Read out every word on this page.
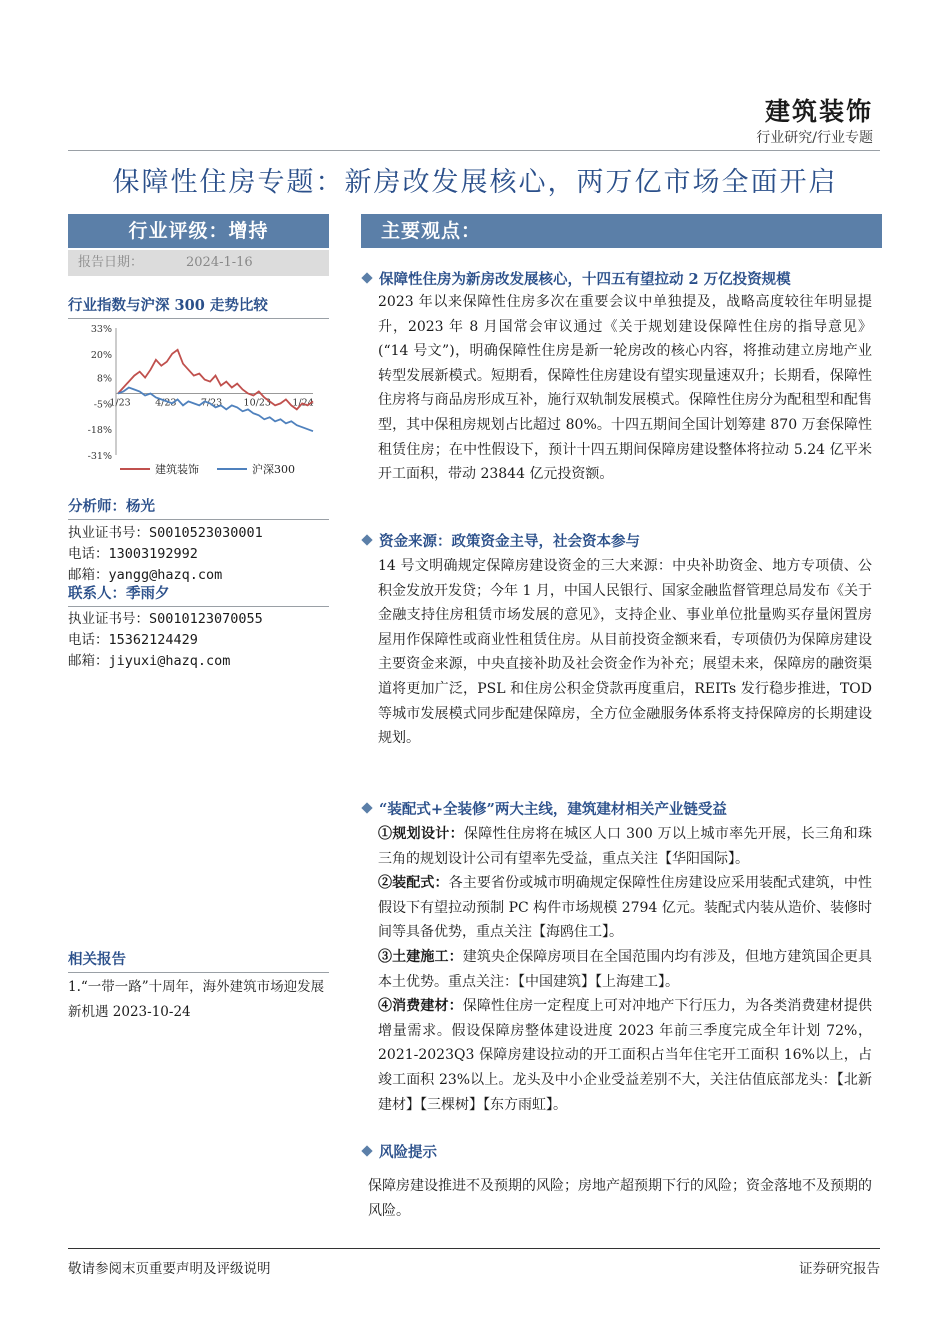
建筑装饰
行业研究/行业专题
保障性住房专题：新房改发展核心，两万亿市场全面开启
行业评级：增持
报告日期：	2024-1-16
行业指数与沪深 300 走势比较
33%
20%
8%
-5%
-18%
-31%
1/23	4/23	7/23 10/23 1/24
建筑装饰	沪深300
分析师：杨光
执业证书号：S0010523030001
电话：13003192992
邮箱：yangg@hazq.com
联系人：季雨夕
执业证书号：S0010123070055
电话：15362124429
邮箱：jiyuxi@hazq.com
相关报告
1.“一带一路”十周年，海外建筑市场迎发展新机遇 2023-10-24
主要观点：
保障性住房为新房改发展核心，十四五有望拉动 2 万亿投资规模

2023 年以来保障性住房多次在重要会议中单独提及，战略高度较往年明显提升，2023 年 8 月国常会审议通过《关于规划建设保障性住房的指导意见》(“14 号文”)，明确保障性住房是新一轮房改的核心内容，将推动建立房地产业转型发展新模式。短期看，保障性住房建设有望实现量速双升；长期看，保障性住房将与商品房形成互补，施行双轨制发展模式。保障性住房分为配租型和配售型，其中保租房规划占比超过 80%。十四五期间全国计划筹建 870 万套保障性租赁住房；在中性假设下，预计十四五期间保障房建设整体将拉动 5.24 亿平米开工面积，带动 23844 亿元投资额。

资金来源：政策资金主导，社会资本参与

14 号文明确规定保障房建设资金的三大来源：中央补助资金、地方专项债、公积金发放开发贷；今年 1 月，中国人民银行、国家金融监督管理总局发布《关于金融支持住房租赁市场发展的意见》，支持企业、事业单位批量购买存量闲置房屋用作保障性或商业性租赁住房。从目前投资金额来看，专项债仍为保障房建设主要资金来源，中央直接补助及社会资金作为补充；展望未来，保障房的融资渠道将更加广泛，PSL 和住房公积金贷款再度重启，REITs 发行稳步推进，TOD 等城市发展模式同步配建保障房，全方位金融服务体系将支持保障房的长期建设规划。

“装配式+全装修”两大主线，建筑建材相关产业链受益

①规划设计：保障性住房将在城区人口 300 万以上城市率先开展，长三角和珠三角的规划设计公司有望率先受益，重点关注【华阳国际】。

②装配式：各主要省份或城市明确规定保障性住房建设应采用装配式建筑，中性假设下有望拉动预制 PC 构件市场规模 2794 亿元。装配式内装从造价、装修时间等具备优势，重点关注【海鸥住工】。

③土建施工：建筑央企保障房项目在全国范围内均有涉及，但地方建筑国企更具本土优势。重点关注：【中国建筑】【上海建工】。

④消费建材：保障性住房一定程度上可对冲地产下行压力，为各类消费建材提供增量需求。假设保障房整体建设进度 2023 年前三季度完成全年计划 72%，2021-2023Q3 保障房建设拉动的开工面积占当年住宅开工面积 16%以上，占竣工面积 23%以上。龙头及中小企业受益差别不大，关注估值底部龙头：【北新建材】【三棵树】【东方雨虹】。

风险提示

保障房建设推进不及预期的风险；房地产超预期下行的风险；资金落地不及预期的风险。

敬请参阅末页重要声明及评级说明	证券研究报告
